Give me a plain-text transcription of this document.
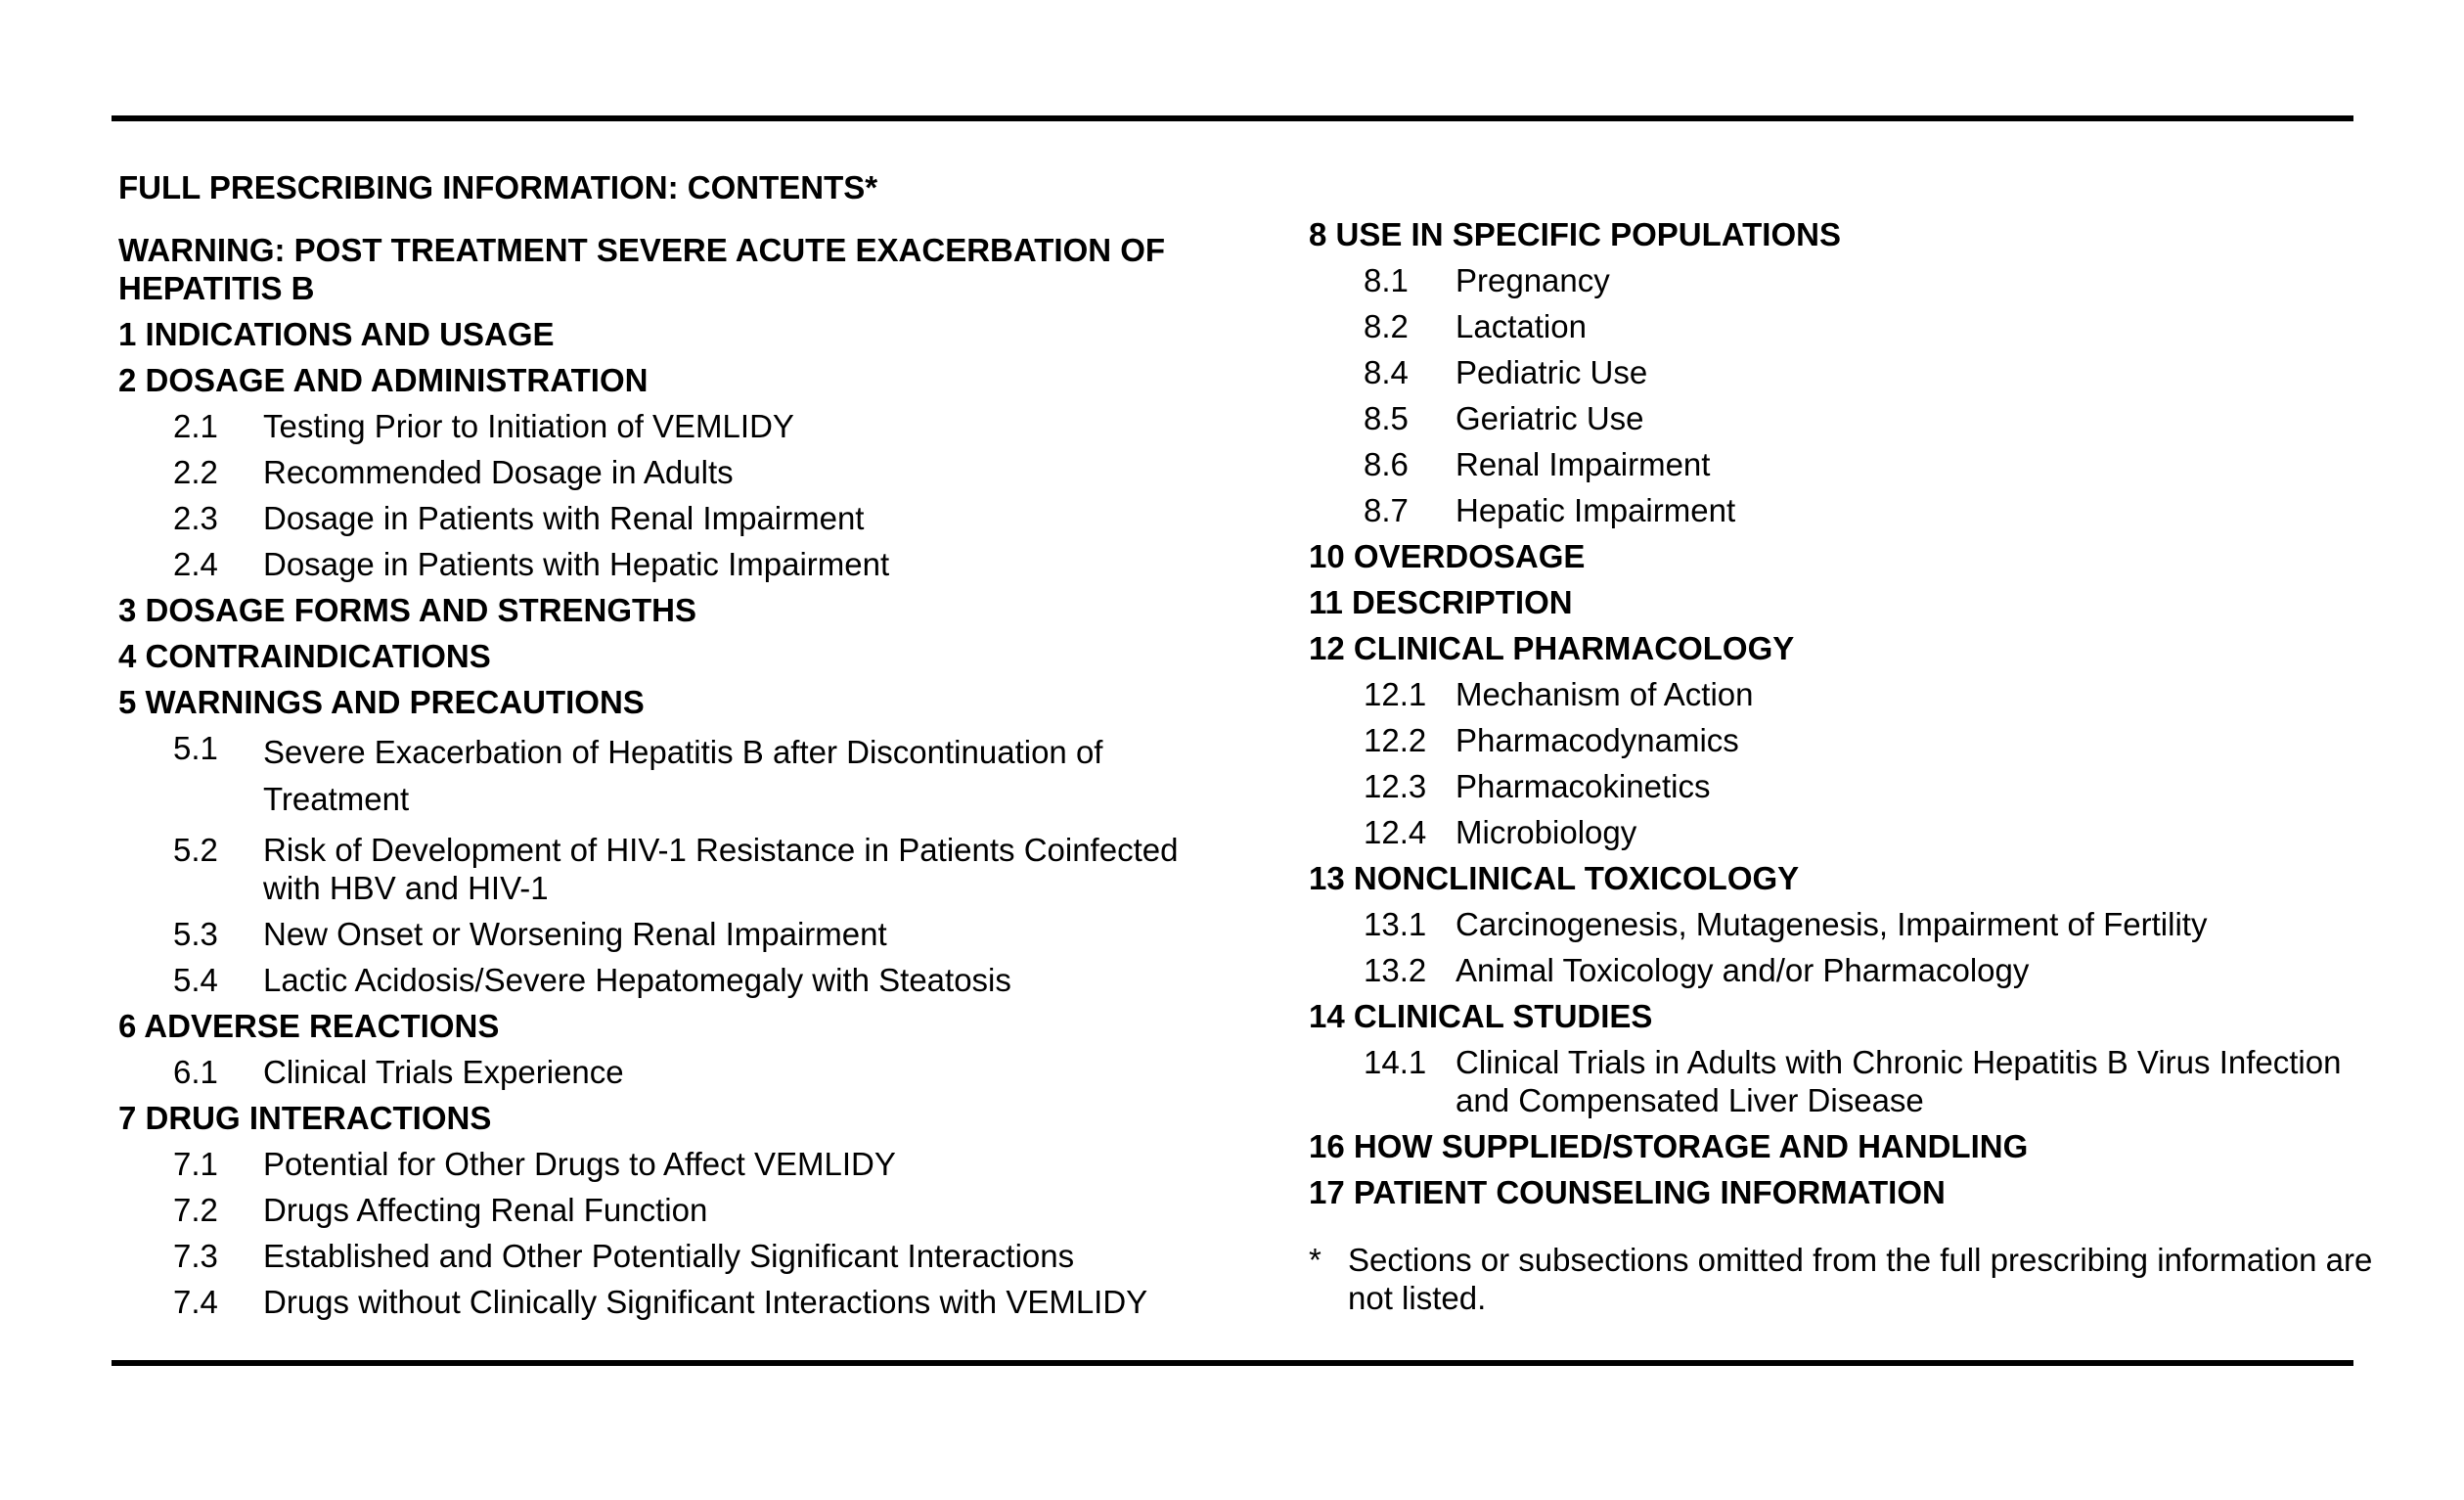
FULL PRESCRIBING INFORMATION: CONTENTS*
WARNING: POST TREATMENT SEVERE ACUTE EXACERBATION OF HEPATITIS B
1 INDICATIONS AND USAGE
2 DOSAGE AND ADMINISTRATION
2.1	Testing Prior to Initiation of VEMLIDY
2.2	Recommended Dosage in Adults
2.3	Dosage in Patients with Renal Impairment
2.4	Dosage in Patients with Hepatic Impairment
3 DOSAGE FORMS AND STRENGTHS
4 CONTRAINDICATIONS
5 WARNINGS AND PRECAUTIONS
5.1	Severe Exacerbation of Hepatitis B after Discontinuation of Treatment
5.2	Risk of Development of HIV-1 Resistance in Patients Coinfected with HBV and HIV-1
5.3	New Onset or Worsening Renal Impairment
5.4	Lactic Acidosis/Severe Hepatomegaly with Steatosis
6 ADVERSE REACTIONS
6.1	Clinical Trials Experience
7 DRUG INTERACTIONS
7.1	Potential for Other Drugs to Affect VEMLIDY
7.2	Drugs Affecting Renal Function
7.3	Established and Other Potentially Significant Interactions
7.4	Drugs without Clinically Significant Interactions with VEMLIDY
8 USE IN SPECIFIC POPULATIONS
8.1	Pregnancy
8.2	Lactation
8.4	Pediatric Use
8.5	Geriatric Use
8.6	Renal Impairment
8.7	Hepatic Impairment
10 OVERDOSAGE
11 DESCRIPTION
12 CLINICAL PHARMACOLOGY
12.1 Mechanism of Action
12.2 Pharmacodynamics
12.3 Pharmacokinetics
12.4 Microbiology
13 NONCLINICAL TOXICOLOGY
13.1 Carcinogenesis, Mutagenesis, Impairment of Fertility
13.2 Animal Toxicology and/or Pharmacology
14 CLINICAL STUDIES
14.1 Clinical Trials in Adults with Chronic Hepatitis B Virus Infection and Compensated Liver Disease
16 HOW SUPPLIED/STORAGE AND HANDLING
17 PATIENT COUNSELING INFORMATION
* Sections or subsections omitted from the full prescribing information are not listed.
